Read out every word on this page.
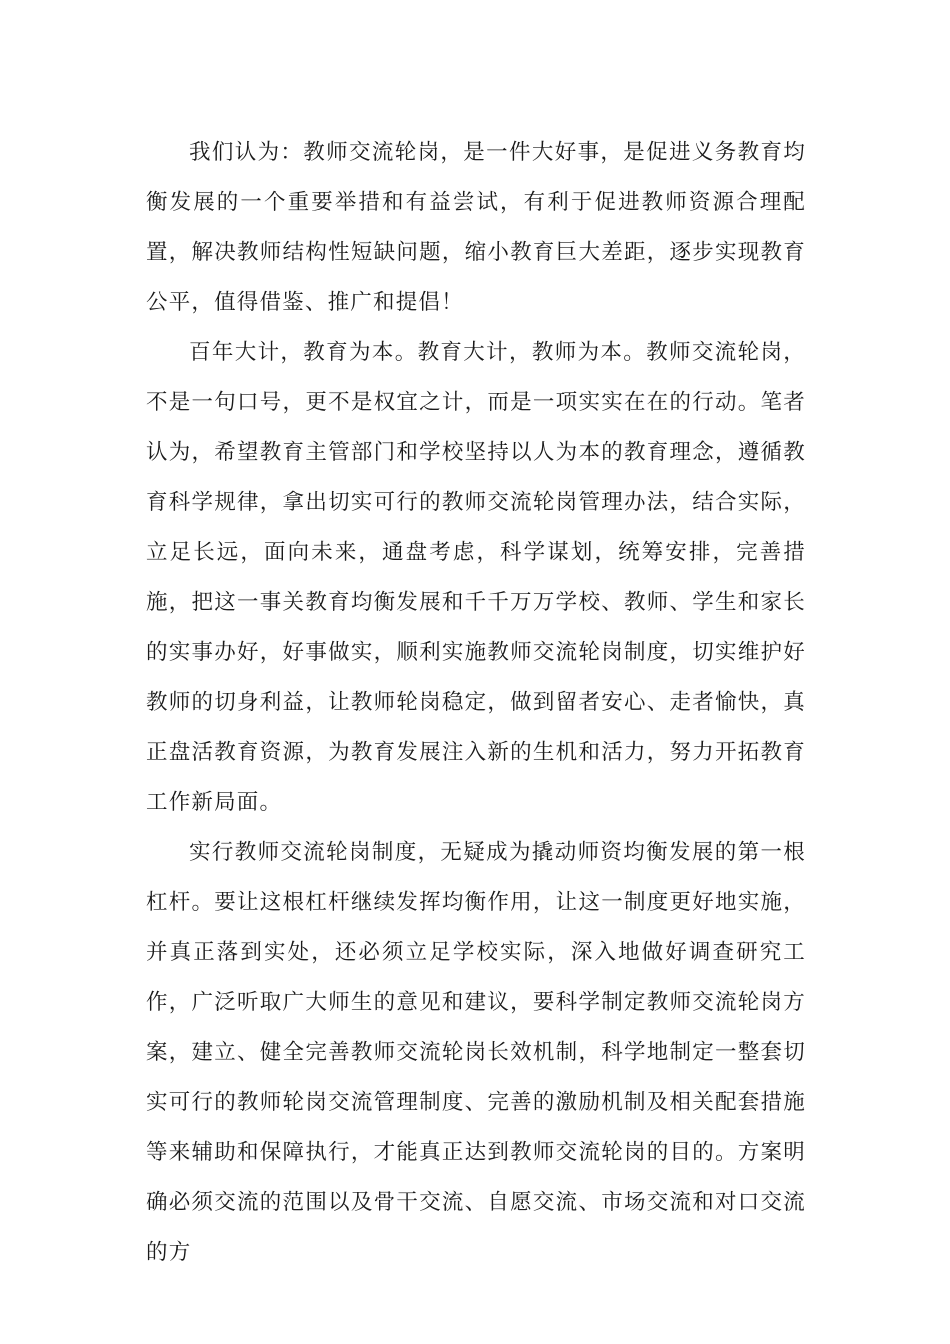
我们认为：教师交流轮岗，是一件大好事，是促进义务教育均衡发展的一个重要举措和有益尝试，有利于促进教师资源合理配置，解决教师结构性短缺问题，缩小教育巨大差距，逐步实现教育公平，值得借鉴、推广和提倡！

百年大计，教育为本。教育大计，教师为本。教师交流轮岗，不是一句口号，更不是权宜之计，而是一项实实在在的行动。笔者认为，希望教育主管部门和学校坚持以人为本的教育理念，遵循教育科学规律，拿出切实可行的教师交流轮岗管理办法，结合实际，立足长远，面向未来，通盘考虑，科学谋划，统筹安排，完善措施，把这一事关教育均衡发展和千千万万学校、教师、学生和家长的实事办好，好事做实，顺利实施教师交流轮岗制度，切实维护好教师的切身利益，让教师轮岗稳定，做到留者安心、走者愉快，真正盘活教育资源，为教育发展注入新的生机和活力，努力开拓教育工作新局面。

实行教师交流轮岗制度，无疑成为撬动师资均衡发展的第一根杠杆。要让这根杠杆继续发挥均衡作用，让这一制度更好地实施，并真正落到实处，还必须立足学校实际，深入地做好调查研究工作，广泛听取广大师生的意见和建议，要科学制定教师交流轮岗方案，建立、健全完善教师交流轮岗长效机制，科学地制定一整套切实可行的教师轮岗交流管理制度、完善的激励机制及相关配套措施等来辅助和保障执行，才能真正达到教师交流轮岗的目的。方案明确必须交流的范围以及骨干交流、自愿交流、市场交流和对口交流的方
